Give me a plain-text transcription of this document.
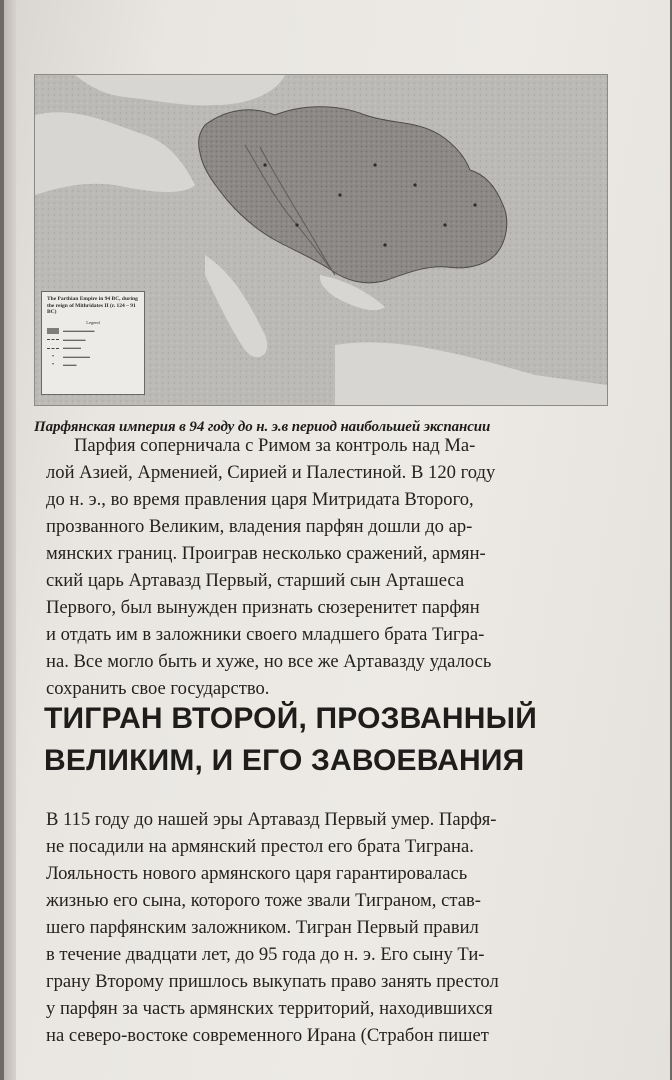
The Parthian Empire in 94 BC, during the reign of Mithridates II (r. 124 – 91 BC)
Legend
▬▬▬▬▬▬▬
▬▬▬▬▬
▬▬▬▬
•	▬▬▬▬▬▬
•	▬▬▬
Парфянская империя в 94 году до н. э.в период наибольшей экспансии
Парфия соперничала с Римом за контроль над Ма-
лой Азией, Арменией, Сирией и Палестиной. В 120 году
до н. э., во время правления царя Митридата Второго,
прозванного Великим, владения парфян дошли до ар-
мянских границ. Проиграв несколько сражений, армян-
ский царь Артавазд Первый, старший сын Арташеса
Первого, был вынужден признать сюзеренитет парфян
и отдать им в заложники своего младшего брата Тигра-
на. Все могло быть и хуже, но все же Артавазду удалось
сохранить свое государство.
ТИГРАН ВТОРОЙ, ПРОЗВАННЫЙ
ВЕЛИКИМ, И ЕГО ЗАВОЕВАНИЯ
В 115 году до нашей эры Артавазд Первый умер. Парфя-
не посадили на армянский престол его брата Тиграна.
Лояльность нового армянского царя гарантировалась
жизнью его сына, которого тоже звали Тиграном, став-
шего парфянским заложником. Тигран Первый правил
в течение двадцати лет, до 95 года до н. э. Его сыну Ти-
грану Второму пришлось выкупать право занять престол
у парфян за часть армянских территорий, находившихся
на северо-востоке современного Ирана (Страбон пишет
